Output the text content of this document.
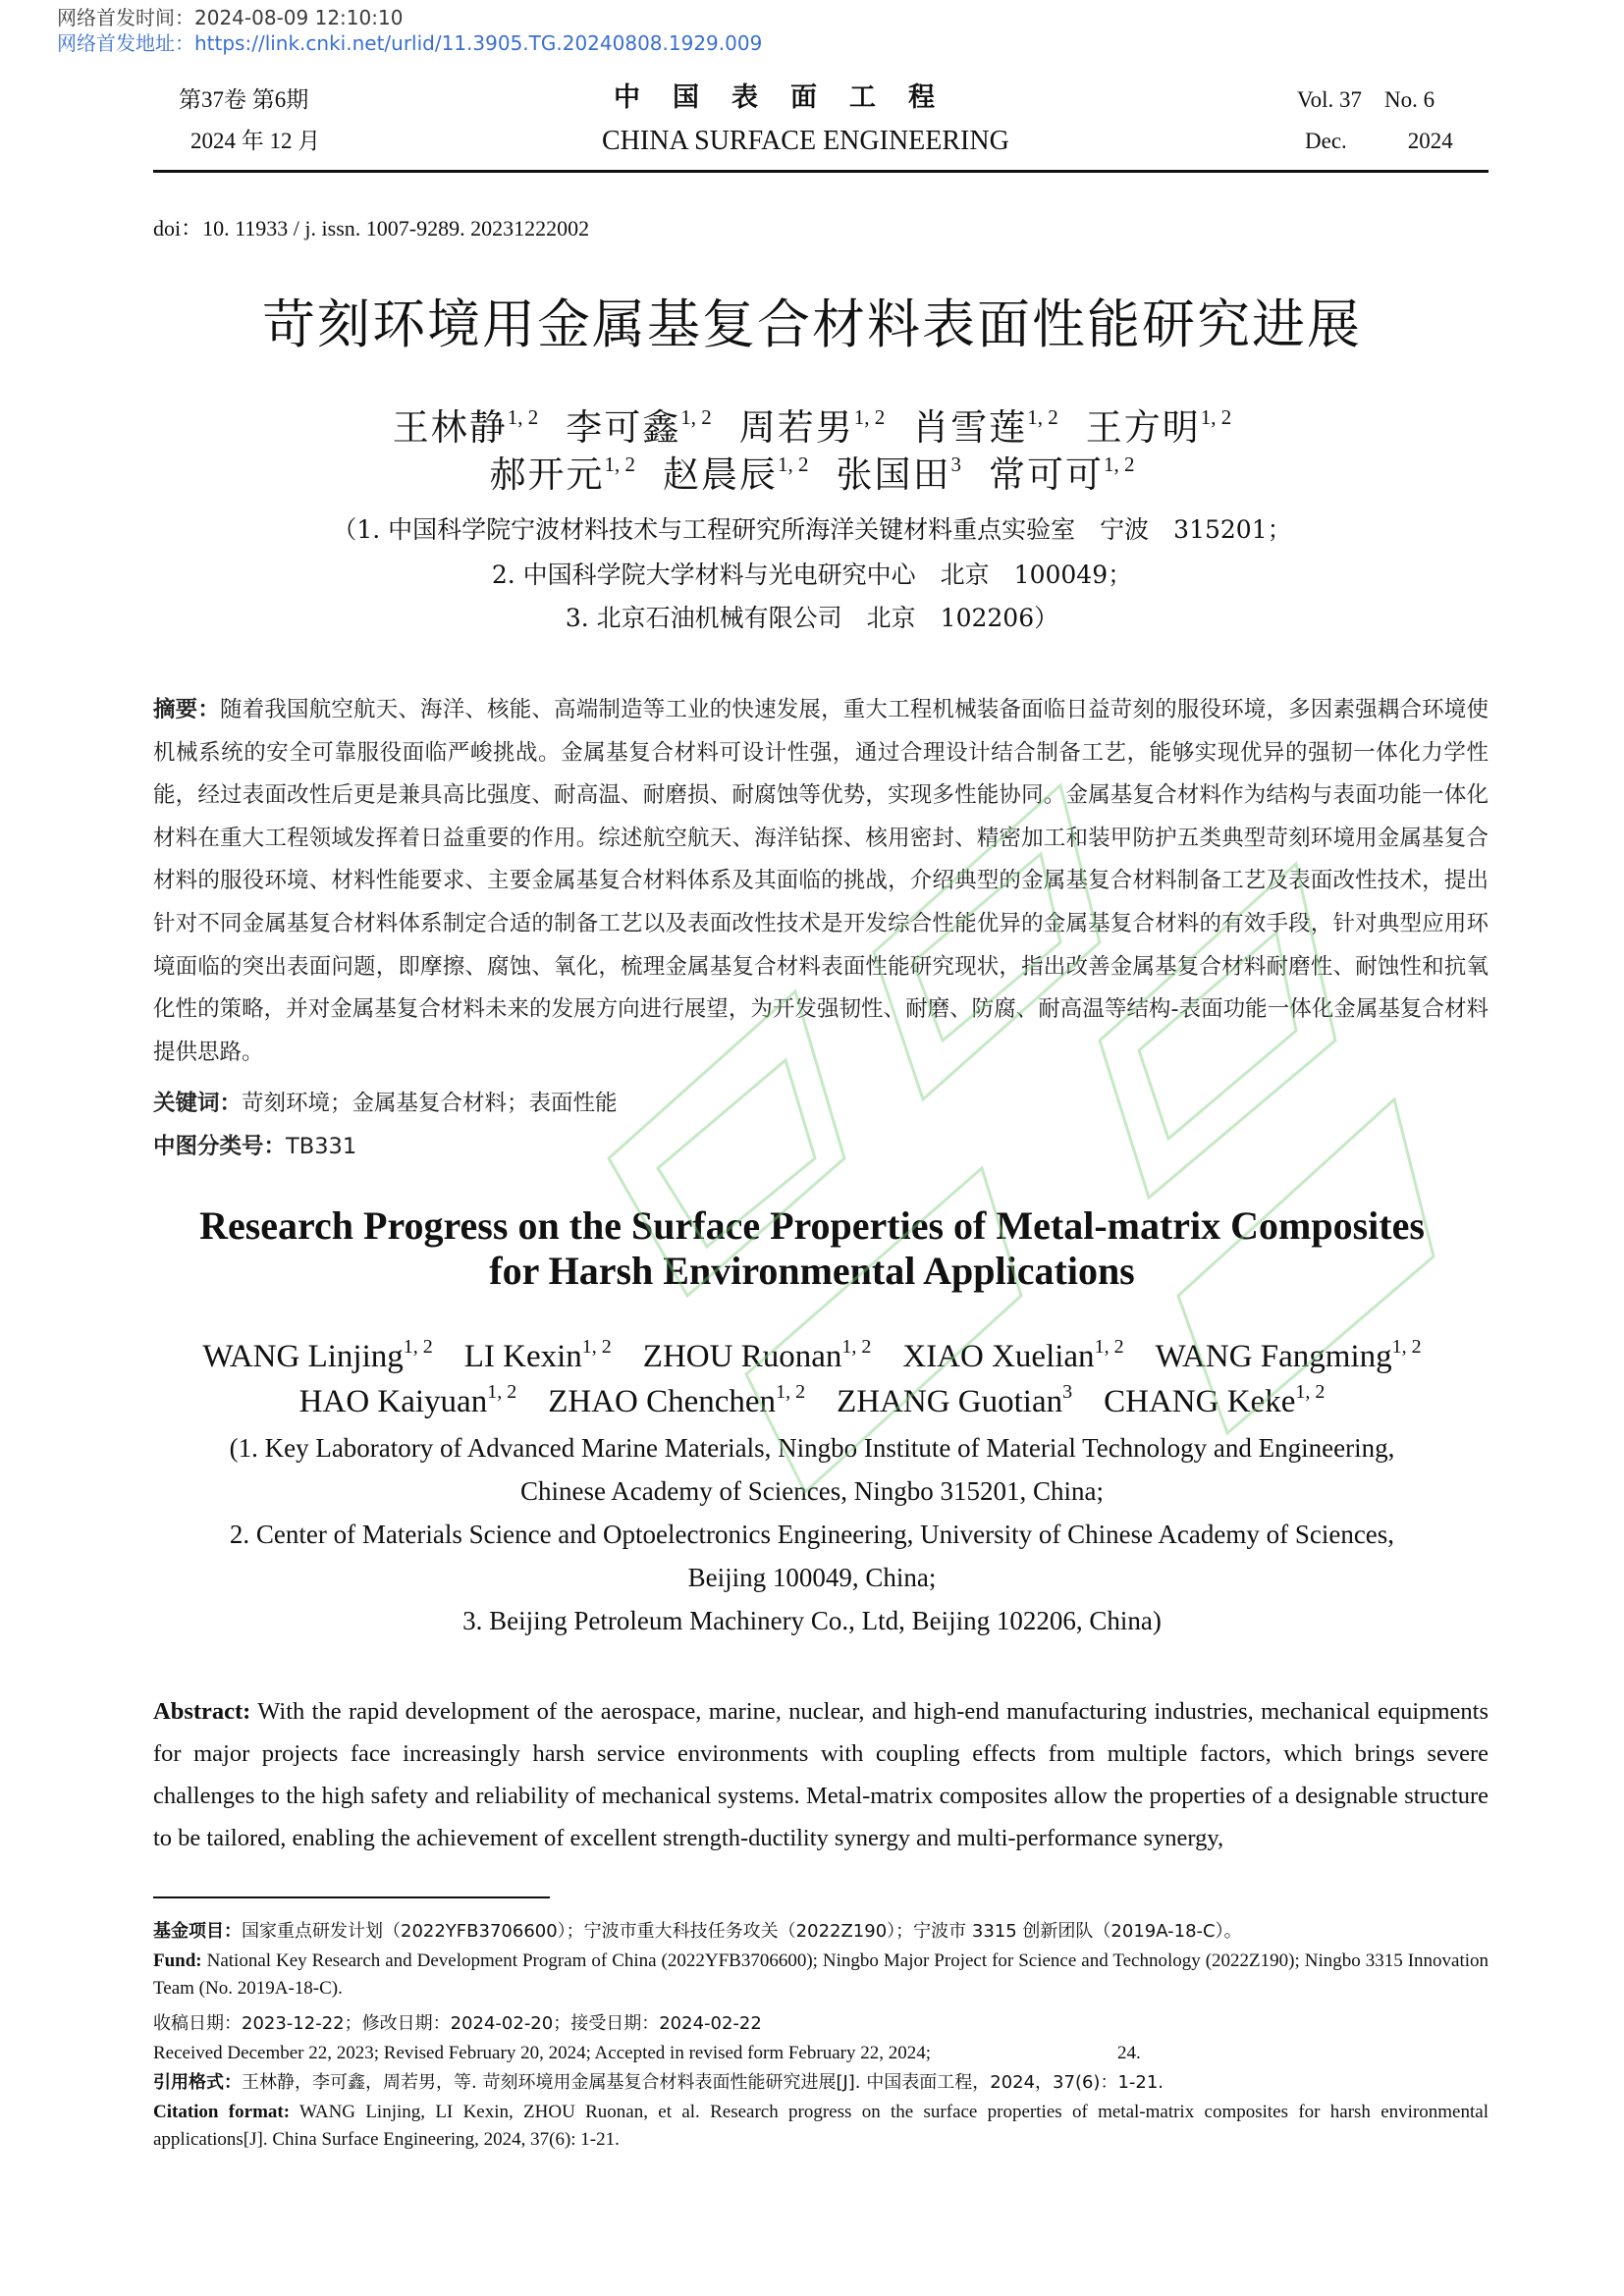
网络首发时间：2024-08-09 12:10:10
网络首发地址：https://link.cnki.net/urlid/11.3905.TG.20240808.1929.009
第37卷 第6期
2024 年 12 月
中国表面工程
CHINA SURFACE ENGINEERING
Vol. 37    No. 6
Dec.	2024
doi：10. 11933 / j. issn. 1007-9289. 20231222002
苛刻环境用金属基复合材料表面性能研究进展
王林静$^{1, 2}$ 李可鑫$^{1, 2}$ 周若男$^{1, 2}$ 肖雪莲$^{1, 2}$ 王方明$^{1, 2}$
郝开元$^{1, 2}$ 赵晨辰$^{1, 2}$ 张国田$^3$ 常可可$^{1, 2}$
（1. 中国科学院宁波材料技术与工程研究所海洋关键材料重点实验室　宁波　315201；
2. 中国科学院大学材料与光电研究中心　北京　100049；
3. 北京石油机械有限公司　北京　102206）
摘要：随着我国航空航天、海洋、核能、高端制造等工业的快速发展，重大工程机械装备面临日益苛刻的服役环境，多因素强耦合环境使机械系统的安全可靠服役面临严峻挑战。金属基复合材料可设计性强，通过合理设计结合制备工艺，能够实现优异的强韧一体化力学性能，经过表面改性后更是兼具高比强度、耐高温、耐磨损、耐腐蚀等优势，实现多性能协同。金属基复合材料作为结构与表面功能一体化材料在重大工程领域发挥着日益重要的作用。综述航空航天、海洋钻探、核用密封、精密加工和装甲防护五类典型苛刻环境用金属基复合材料的服役环境、材料性能要求、主要金属基复合材料体系及其面临的挑战，介绍典型的金属基复合材料制备工艺及表面改性技术，提出针对不同金属基复合材料体系制定合适的制备工艺以及表面改性技术是开发综合性能优异的金属基复合材料的有效手段，针对典型应用环境面临的突出表面问题，即摩擦、腐蚀、氧化，梳理金属基复合材料表面性能研究现状，指出改善金属基复合材料耐磨性、耐蚀性和抗氧化性的策略，并对金属基复合材料未来的发展方向进行展望，为开发强韧性、耐磨、防腐、耐高温等结构-表面功能一体化金属基复合材料提供思路。
关键词：苛刻环境；金属基复合材料；表面性能
中图分类号：TB331
Research Progress on the Surface Properties of Metal-matrix Composites
for Harsh Environmental Applications
WANG Linjing$^{1, 2}$ LI Kexin$^{1, 2}$ ZHOU Ruonan$^{1, 2}$ XIAO Xuelian$^{1, 2}$ WANG Fangming$^{1, 2}$
HAO Kaiyuan$^{1, 2}$ ZHAO Chenchen$^{1, 2}$ ZHANG Guotian$^3$ CHANG Keke$^{1, 2}$
(1. Key Laboratory of Advanced Marine Materials, Ningbo Institute of Material Technology and Engineering,
Chinese Academy of Sciences, Ningbo 315201, China;
2. Center of Materials Science and Optoelectronics Engineering, University of Chinese Academy of Sciences,
Beijing 100049, China;
3. Beijing Petroleum Machinery Co., Ltd, Beijing 102206, China)
Abstract: With the rapid development of the aerospace, marine, nuclear, and high-end manufacturing industries, mechanical equipments for major projects face increasingly harsh service environments with coupling effects from multiple factors, which brings severe challenges to the high safety and reliability of mechanical systems. Metal-matrix composites allow the properties of a designable structure to be tailored, enabling the achievement of excellent strength-ductility synergy and multi-performance synergy,
基金项目：国家重点研发计划（2022YFB3706600）；宁波市重大科技任务攻关（2022Z190）；宁波市 3315 创新团队（2019A-18-C）。
Fund: National Key Research and Development Program of China (2022YFB3706600); Ningbo Major Project for Science and Technology (2022Z190); Ningbo 3315 Innovation Team (No. 2019A-18-C).
收稿日期：2023-12-22；修改日期：2024-02-20；接受日期：2024-02-22
Received December 22, 2023; Revised February 20, 2024; Accepted in revised form February 22, 2024;	24.
引用格式：王林静，李可鑫，周若男，等. 苛刻环境用金属基复合材料表面性能研究进展[J]. 中国表面工程，2024，37(6)：1-21.
Citation format: WANG Linjing, LI Kexin, ZHOU Ruonan, et al. Research progress on the surface properties of metal-matrix composites for harsh environmental applications[J]. China Surface Engineering, 2024, 37(6): 1-21.
